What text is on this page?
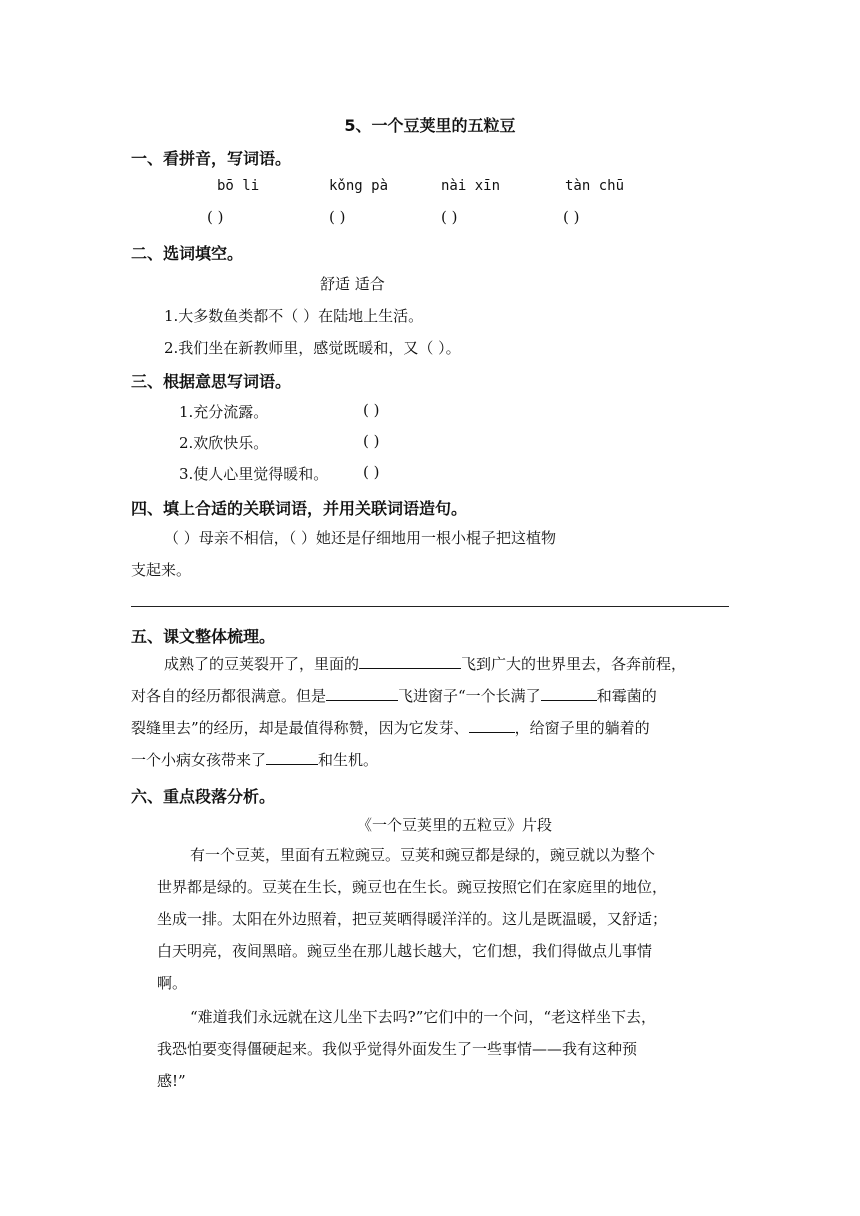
5、一个豆荚里的五粒豆
一、看拼音，写词语。
bō li	kǒng pà	nài xīn	tàn chū
( )	( )	( )	( )
二、选词填空。
舒适 适合
1.大多数鱼类都不（ ）在陆地上生活。
2.我们坐在新教师里，感觉既暖和，又（ ）。
三、根据意思写词语。
1.充分流露。	( )
2.欢欣快乐。	( )
3.使人心里觉得暖和。 ( )
四、填上合适的关联词语，并用关联词语造句。
（ ）母亲不相信，（ ）她还是仔细地用一根小棍子把这植物
支起来。
五、课文整体梳理。
成熟了的豆荚裂开了，里面的	飞到广大的世界里去，各奔前程，
对各自的经历都很满意。但是	飞进窗子“一个长满了	和霉菌的
裂缝里去”的经历，却是最值得称赞，因为它发芽、	，给窗子里的躺着的
一个小病女孩带来了	和生机。
六、重点段落分析。
《一个豆荚里的五粒豆》片段
有一个豆荚，里面有五粒豌豆。豆荚和豌豆都是绿的，豌豆就以为整个
世界都是绿的。豆荚在生长，豌豆也在生长。豌豆按照它们在家庭里的地位，
坐成一排。太阳在外边照着，把豆荚晒得暖洋洋的。这儿是既温暖，又舒适；
白天明亮，夜间黑暗。豌豆坐在那儿越长越大，它们想，我们得做点儿事情
啊。
“难道我们永远就在这儿坐下去吗?”它们中的一个问，“老这样坐下去，
我恐怕要变得僵硬起来。我似乎觉得外面发生了一些事情——我有这种预
感!”
